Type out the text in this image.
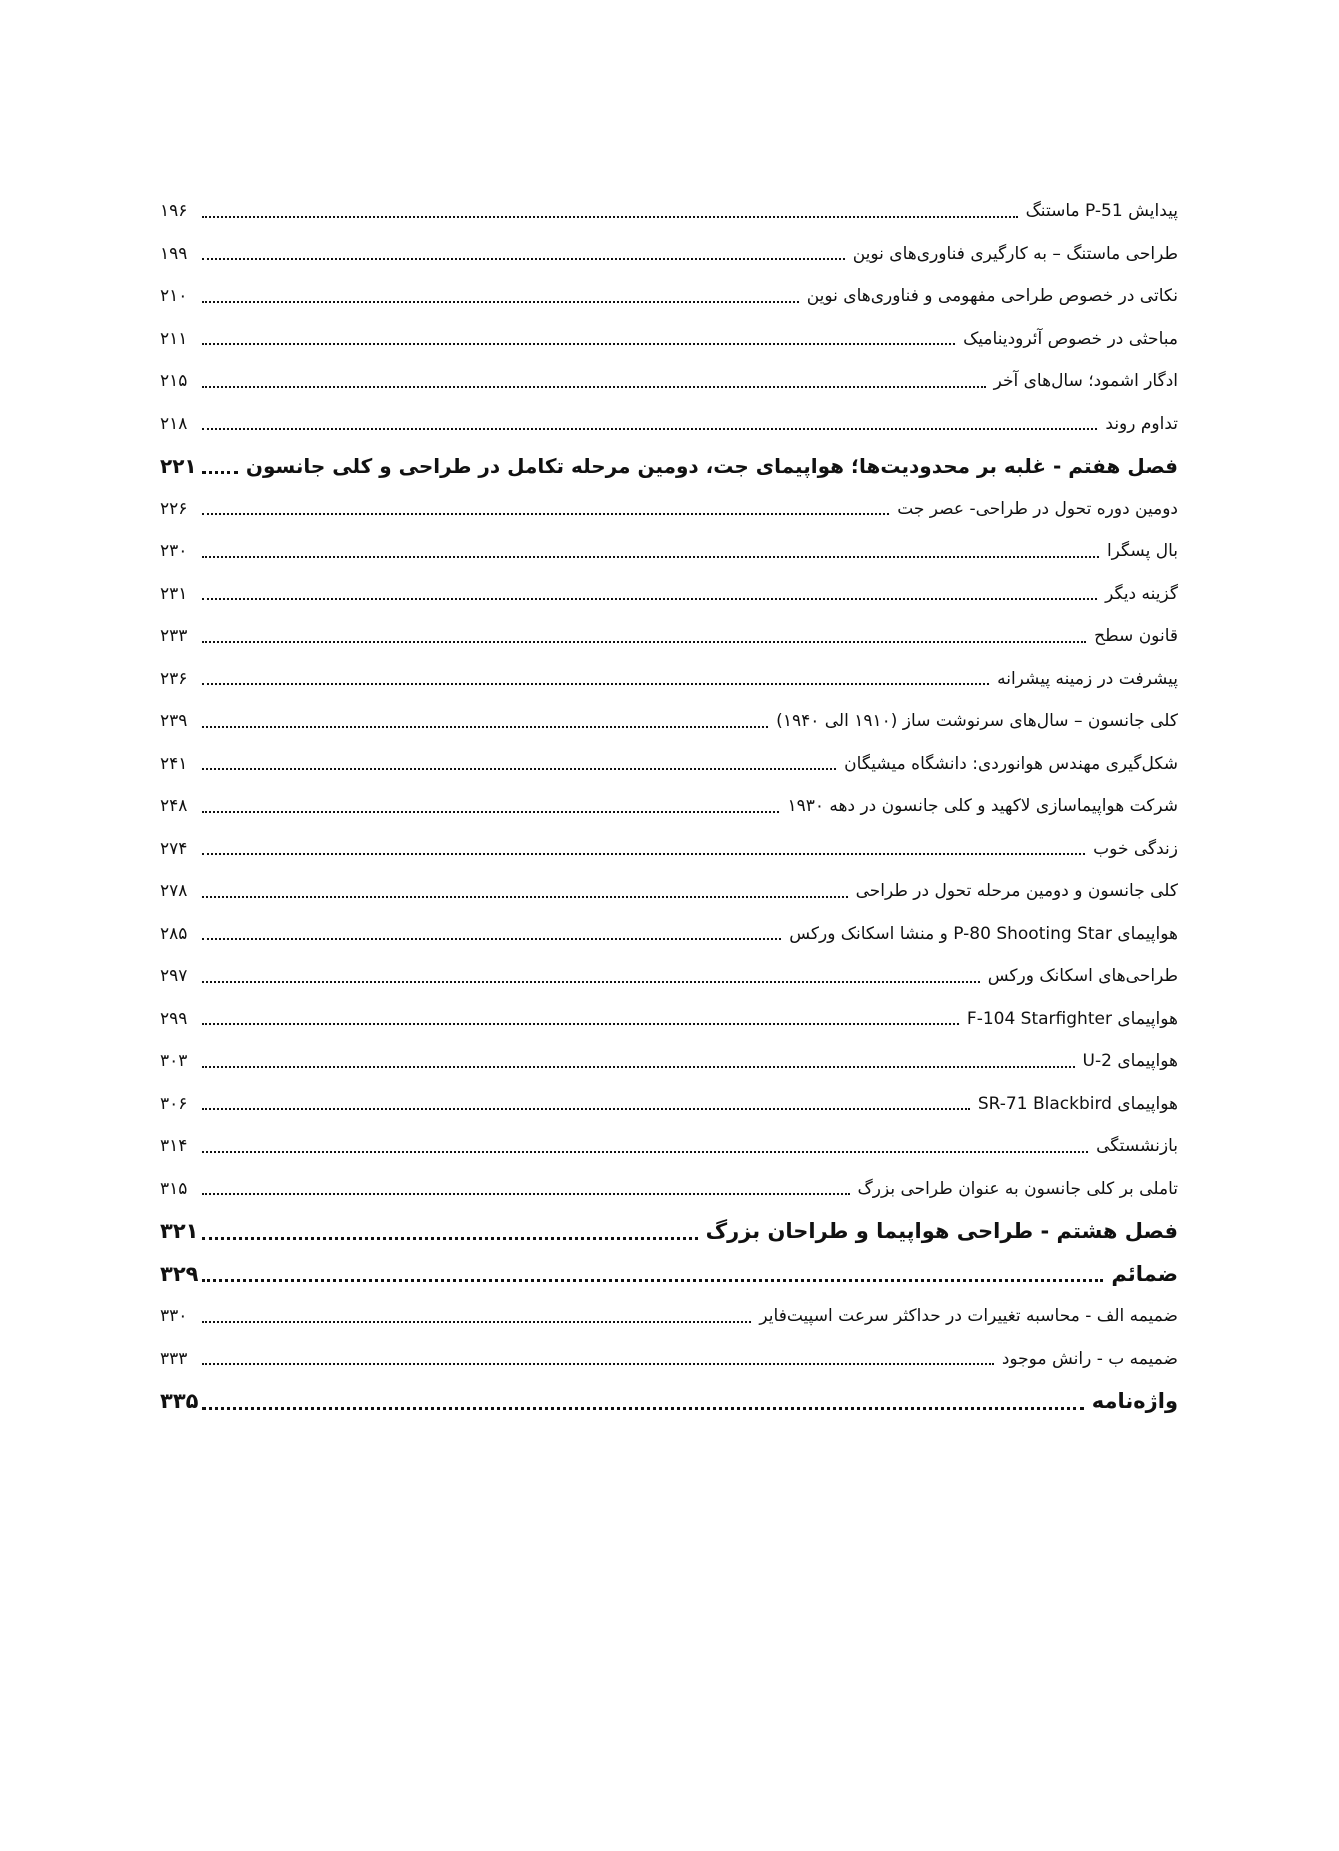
پیدایش P-51 ماستنگ
۱۹۶
طراحی ماستنگ – به کارگیری فناوری‌های نوین
۱۹۹
نکاتی در خصوص طراحی مفهومی و فناوری‌های نوین
۲۱۰
مباحثی در خصوص آئرودینامیک
۲۱۱
ادگار اشمود؛ سال‌های آخر
۲۱۵
تداوم روند
۲۱۸
فصل هفتم - غلبه بر محدودیت‌ها؛ هواپیمای جت، دومین مرحله تکامل در طراحی و کلی جانسون
۲۲۱
دومین دوره تحول در طراحی- عصر جت
۲۲۶
بال پسگرا
۲۳۰
گزینه دیگر
۲۳۱
قانون سطح
۲۳۳
پیشرفت در زمینه پیشرانه
۲۳۶
کلی جانسون – سال‌های سرنوشت ساز (۱۹۱۰ الی ۱۹۴۰)
۲۳۹
شکل‌گیری مهندس هوانوردی: دانشگاه میشیگان
۲۴۱
شرکت هواپیماسازی لاکهید و کلی جانسون در دهه ۱۹۳۰
۲۴۸
زندگی خوب
۲۷۴
کلی جانسون و دومین مرحله تحول در طراحی
۲۷۸
هواپیمای P-80 Shooting Star و منشا اسکانک ورکس
۲۸۵
طراحی‌های اسکانک ورکس
۲۹۷
هواپیمای F-104 Starfighter
۲۹۹
هواپیمای U-2
۳۰۳
هواپیمای SR-71 Blackbird
۳۰۶
بازنشستگی
۳۱۴
تاملی بر کلی جانسون به عنوان طراحی بزرگ
۳۱۵
فصل هشتم - طراحی هواپیما و طراحان بزرگ
۳۲۱
ضمائم
۳۲۹
ضمیمه الف - محاسبه تغییرات در حداکثر سرعت اسپیت‌فایر
۳۳۰
ضمیمه ب - رانش موجود
۳۳۳
واژه‌نامه
۳۳۵
